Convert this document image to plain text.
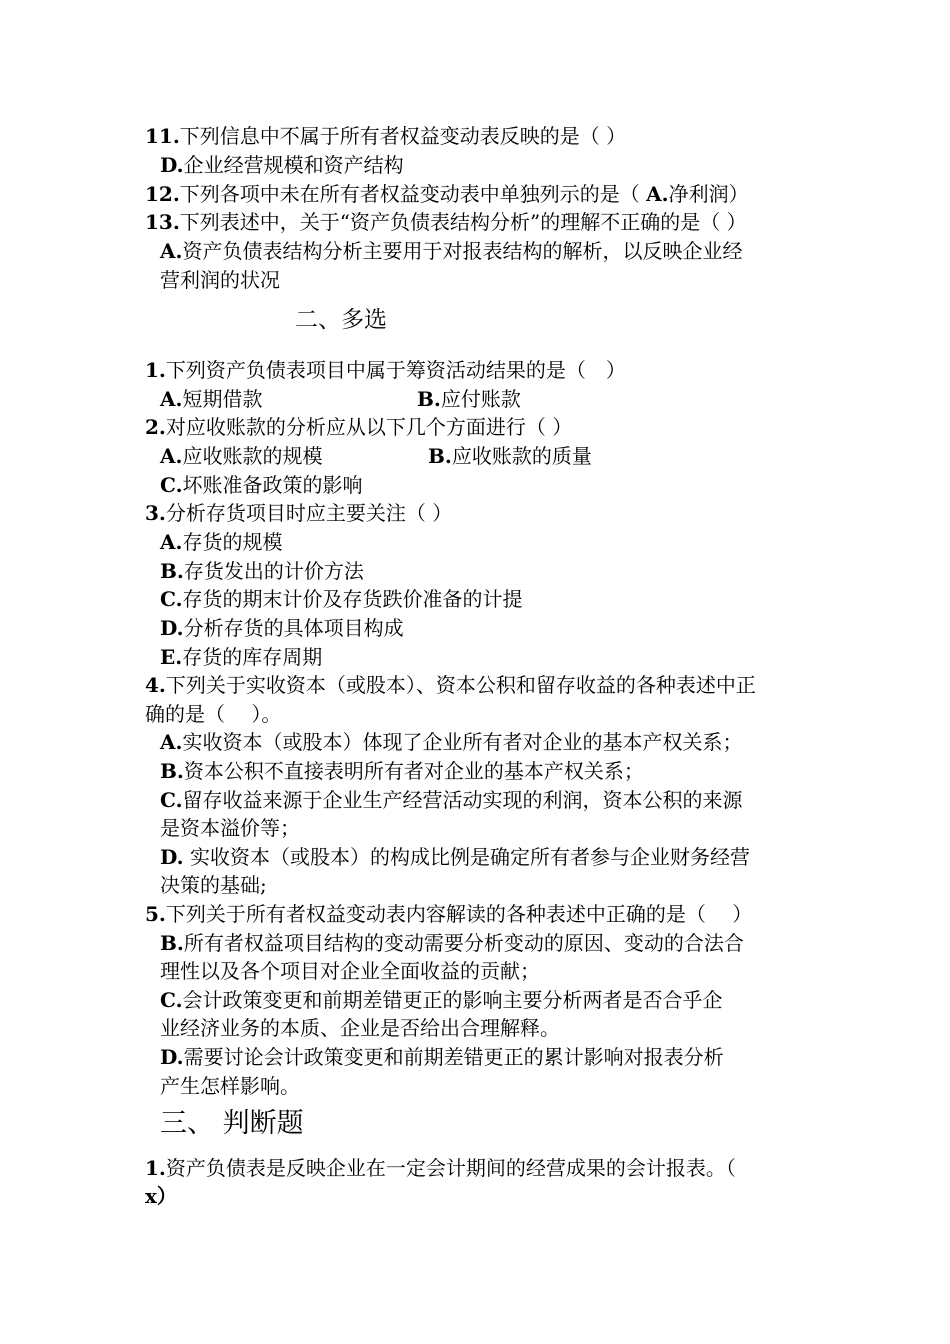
11.下列信息中不属于所有者权益变动表反映的是（ ）
D.企业经营规模和资产结构
12.下列各项中未在所有者权益变动表中单独列示的是（ A.净利润）
13.下列表述中，关于“资产负债表结构分析”的理解不正确的是（ ）
A.资产负债表结构分析主要用于对报表结构的解析，以反映企业经
营利润的状况
二、多选
1.下列资产负债表项目中属于筹资活动结果的是（　）
A.短期借款	B.应付账款
2.对应收账款的分析应从以下几个方面进行（ ）
A.应收账款的规模	B.应收账款的质量
C.坏账准备政策的影响
3.分析存货项目时应主要关注（ ）
A.存货的规模
B.存货发出的计价方法
C.存货的期末计价及存货跌价准备的计提
D.分析存货的具体项目构成
E.存货的库存周期
4.下列关于实收资本（或股本）、资本公积和留存收益的各种表述中正
确的是（　 ）。
A.实收资本（或股本）体现了企业所有者对企业的基本产权关系；
B.资本公积不直接表明所有者对企业的基本产权关系；
C.留存收益来源于企业生产经营活动实现的利润，资本公积的来源
是资本溢价等；
D. 实收资本（或股本）的构成比例是确定所有者参与企业财务经营
决策的基础;
5.下列关于所有者权益变动表内容解读的各种表述中正确的是（　 ）
B.所有者权益项目结构的变动需要分析变动的原因、变动的合法合
理性以及各个项目对企业全面收益的贡献；
C.会计政策变更和前期差错更正的影响主要分析两者是否合乎企
业经济业务的本质、企业是否给出合理解释。
D.需要讨论会计政策变更和前期差错更正的累计影响对报表分析
产生怎样影响。
三、 判断题
1.资产负债表是反映企业在一定会计期间的经营成果的会计报表。（
x）
